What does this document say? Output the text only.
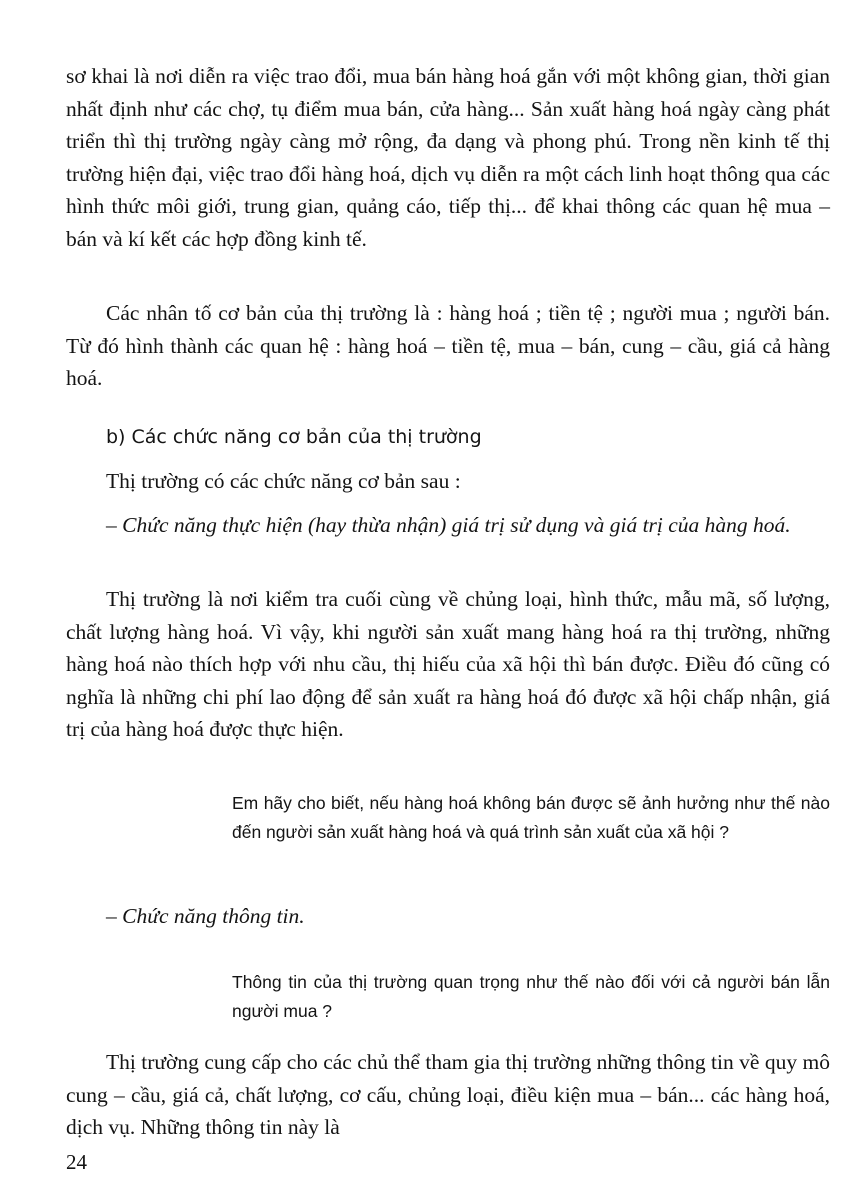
sơ khai là nơi diễn ra việc trao đổi, mua bán hàng hoá gắn với một không gian, thời gian nhất định như các chợ, tụ điểm mua bán, cửa hàng... Sản xuất hàng hoá ngày càng phát triển thì thị trường ngày càng mở rộng, đa dạng và phong phú. Trong nền kinh tế thị trường hiện đại, việc trao đổi hàng hoá, dịch vụ diễn ra một cách linh hoạt thông qua các hình thức môi giới, trung gian, quảng cáo, tiếp thị... để khai thông các quan hệ mua – bán và kí kết các hợp đồng kinh tế.

Các nhân tố cơ bản của thị trường là : hàng hoá ; tiền tệ ; người mua ; người bán. Từ đó hình thành các quan hệ : hàng hoá – tiền tệ, mua – bán, cung – cầu, giá cả hàng hoá.

b) Các chức năng cơ bản của thị trường

Thị trường có các chức năng cơ bản sau :

– Chức năng thực hiện (hay thừa nhận) giá trị sử dụng và giá trị của hàng hoá.

Thị trường là nơi kiểm tra cuối cùng về chủng loại, hình thức, mẫu mã, số lượng, chất lượng hàng hoá. Vì vậy, khi người sản xuất mang hàng hoá ra thị trường, những hàng hoá nào thích hợp với nhu cầu, thị hiếu của xã hội thì bán được. Điều đó cũng có nghĩa là những chi phí lao động để sản xuất ra hàng hoá đó được xã hội chấp nhận, giá trị của hàng hoá được thực hiện.

Em hãy cho biết, nếu hàng hoá không bán được sẽ ảnh hưởng như thế nào đến người sản xuất hàng hoá và quá trình sản xuất của xã hội ?

– Chức năng thông tin.

Thông tin của thị trường quan trọng như thế nào đối với cả người bán lẫn người mua ?

Thị trường cung cấp cho các chủ thể tham gia thị trường những thông tin về quy mô cung – cầu, giá cả, chất lượng, cơ cấu, chủng loại, điều kiện mua – bán... các hàng hoá, dịch vụ. Những thông tin này là

24
